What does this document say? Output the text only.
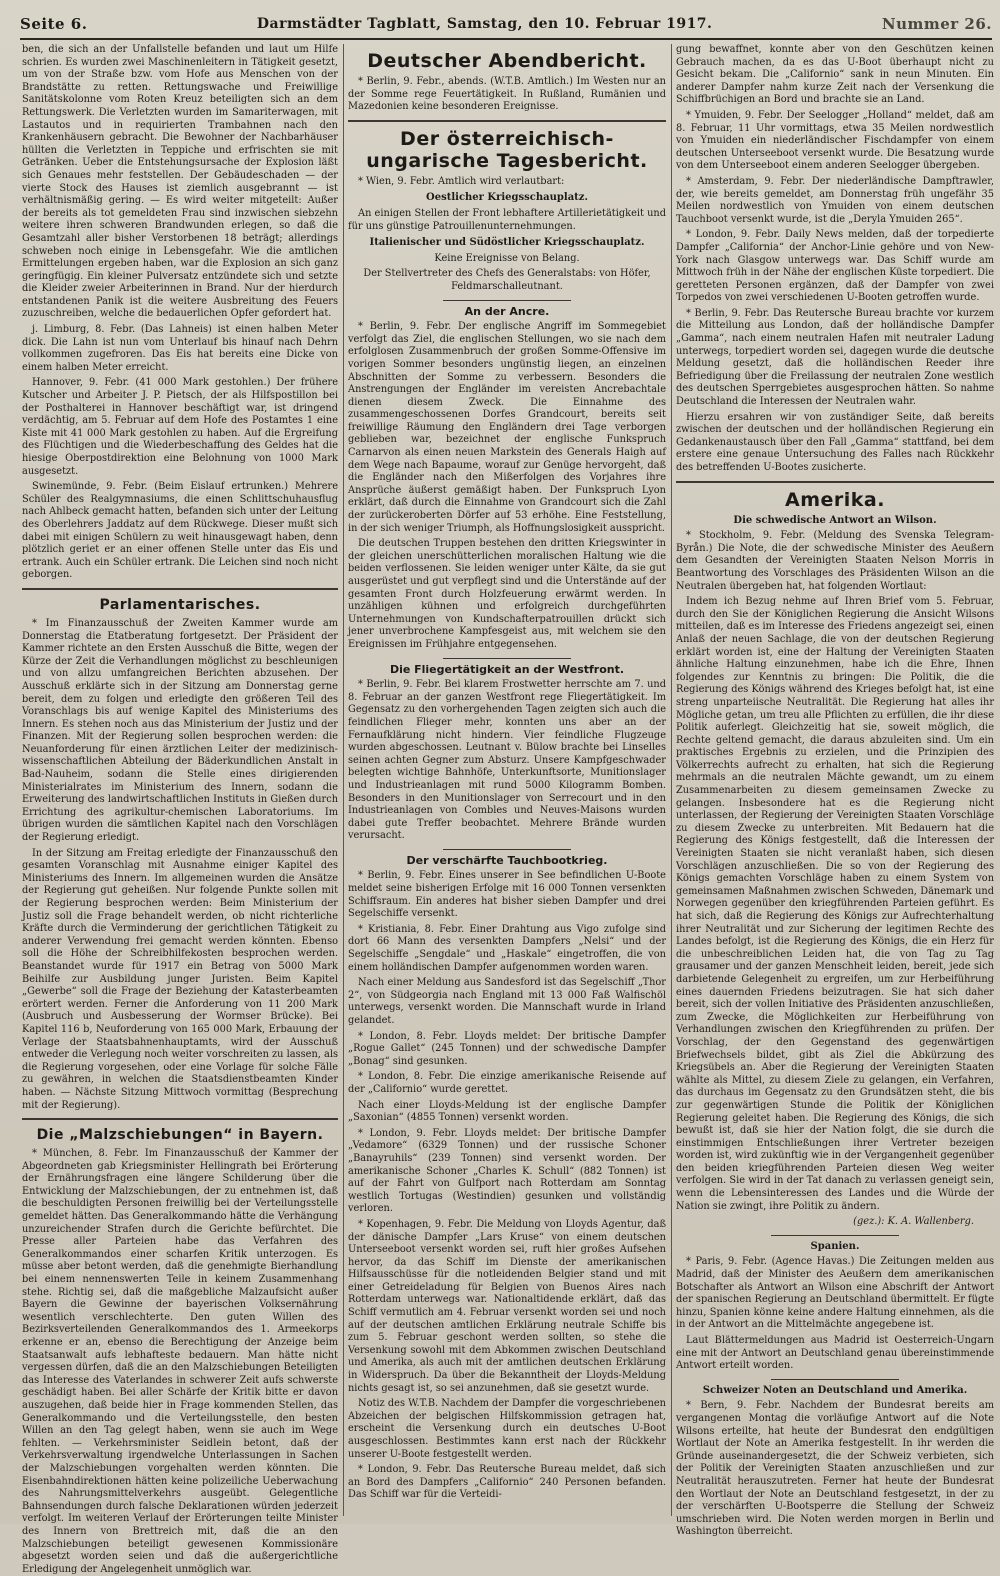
Seite 6.	Darmstädter Tagblatt, Samstag, den 10. Februar 1917.	Nummer 26.

ben, die sich an der Unfallstelle befanden und laut um Hilfe schrien. Es wurden zwei Maschinenleitern in Tätigkeit gesetzt, um von der Straße bzw. vom Hofe aus Menschen von der Brandstätte zu retten. Rettungswache und Freiwillige Sanitätskolonne vom Roten Kreuz beteiligten sich an dem Rettungswerk. Die Verletzten wurden im Samariterwagen, mit Lastautos und in requirierten Trambahnen nach den Krankenhäusern gebracht. Die Bewohner der Nachbarhäuser hüllten die Verletzten in Teppiche und erfrischten sie mit Getränken. Ueber die Entstehungsursache der Explosion läßt sich Genaues mehr feststellen. Der Gebäudeschaden — der vierte Stock des Hauses ist ziemlich ausgebrannt — ist verhältnismäßig gering. — Es wird weiter mitgeteilt: Außer der bereits als tot gemeldeten Frau sind inzwischen siebzehn weitere ihren schweren Brandwunden erlegen, so daß die Gesamtzahl aller bisher Verstorbenen 18 beträgt; allerdings schweben noch einige in Lebensgefahr. Wie die amtlichen Ermittelungen ergeben haben, war die Explosion an sich ganz geringfügig. Ein kleiner Pulversatz entzündete sich und setzte die Kleider zweier Arbeiterinnen in Brand. Nur der hierdurch entstandenen Panik ist die weitere Ausbreitung des Feuers zuzuschreiben, welche die bedauerlichen Opfer gefordert hat.

j. Limburg, 8. Febr. (Das Lahneis) ist einen halben Meter dick. Die Lahn ist nun vom Unterlauf bis hinauf nach Dehrn vollkommen zugefroren. Das Eis hat bereits eine Dicke von einem halben Meter erreicht.

Hannover, 9. Febr. (41 000 Mark gestohlen.) Der frühere Kutscher und Arbeiter J. P. Pietsch, der als Hilfspostillon bei der Posthalterei in Hannover beschäftigt war, ist dringend verdächtig, am 5. Februar auf dem Hofe des Postamtes 1 eine Kiste mit 41 000 Mark gestohlen zu haben. Auf die Ergreifung des Flüchtigen und die Wiederbeschaffung des Geldes hat die hiesige Oberpostdirektion eine Belohnung von 1000 Mark ausgesetzt.

Swinemünde, 9. Febr. (Beim Eislauf ertrunken.) Mehrere Schüler des Realgymnasiums, die einen Schlittschuhausflug nach Ahlbeck gemacht hatten, befanden sich unter der Leitung des Oberlehrers Jaddatz auf dem Rückwege. Dieser mußt sich dabei mit einigen Schülern zu weit hinausgewagt haben, denn plötzlich geriet er an einer offenen Stelle unter das Eis und ertrank. Auch ein Schüler ertrank. Die Leichen sind noch nicht geborgen.

Parlamentarisches.

* Im Finanzausschuß der Zweiten Kammer wurde am Donnerstag die Etatberatung fortgesetzt. Der Präsident der Kammer richtete an den Ersten Ausschuß die Bitte, wegen der Kürze der Zeit die Verhandlungen möglichst zu beschleunigen und von allzu umfangreichen Berichten abzusehen. Der Ausschuß erklärte sich in der Sitzung am Donnerstag gerne bereit, dem zu folgen und erledigte den größeren Teil des Voranschlags bis auf wenige Kapitel des Ministeriums des Innern. Es stehen noch aus das Ministerium der Justiz und der Finanzen. Mit der Regierung sollen besprochen werden: die Neuanforderung für einen ärztlichen Leiter der medizinisch-wissenschaftlichen Abteilung der Bäderkundlichen Anstalt in Bad-Nauheim, sodann die Stelle eines dirigierenden Ministerialrates im Ministerium des Innern, sodann die Erweiterung des landwirtschaftlichen Instituts in Gießen durch Errichtung des agrikultur-chemischen Laboratoriums. Im übrigen wurden die sämtlichen Kapitel nach den Vorschlägen der Regierung erledigt.

In der Sitzung am Freitag erledigte der Finanzausschuß den gesamten Voranschlag mit Ausnahme einiger Kapitel des Ministeriums des Innern. Im allgemeinen wurden die Ansätze der Regierung gut geheißen. Nur folgende Punkte sollen mit der Regierung besprochen werden: Beim Ministerium der Justiz soll die Frage behandelt werden, ob nicht richterliche Kräfte durch die Verminderung der gerichtlichen Tätigkeit zu anderer Verwendung frei gemacht werden könnten. Ebenso soll die Höhe der Schreibhilfekosten besprochen werden. Beanstandet wurde für 1917 ein Betrag von 5000 Mark Beihilfe zur Ausbildung junger Juristen. Beim Kapitel „Gewerbe“ soll die Frage der Beziehung der Katasterbeamten erörtert werden. Ferner die Anforderung von 11 200 Mark (Ausbruch und Ausbesserung der Wormser Brücke). Bei Kapitel 116 b, Neuforderung von 165 000 Mark, Erbauung der Verlage der Staatsbahnenhauptamts, wird der Ausschuß entweder die Verlegung noch weiter vorschreiten zu lassen, als die Regierung vorgesehen, oder eine Vorlage für solche Fälle zu gewähren, in welchen die Staatsdienstbeamten Kinder haben. — Nächste Sitzung Mittwoch vormittag (Besprechung mit der Regierung).

Die „Malzschiebungen“ in Bayern.

* München, 8. Febr. Im Finanzausschuß der Kammer der Abgeordneten gab Kriegsminister Hellingrath bei Erörterung der Ernährungsfragen eine längere Schilderung über die Entwicklung der Malzschiebungen, der zu entnehmen ist, daß die beschuldigten Personen freiwillig bei der Verteilungsstelle gemeldet hätten. Das Generalkommando hätte die Verhängung unzureichender Strafen durch die Gerichte befürchtet. Die Presse aller Parteien habe das Verfahren des Generalkommandos einer scharfen Kritik unterzogen. Es müsse aber betont werden, daß die genehmigte Bierhandlung bei einem nennenswerten Teile in keinem Zusammenhang stehe. Richtig sei, daß die maßgebliche Malzaufsicht außer Bayern die Gewinne der bayerischen Volksernährung wesentlich verschlechterte. Den guten Willen des Bezirksverteilenden Generalkommandos des 1. Armeekorps erkenne er an, ebenso die Berechtigung der Anzeige beim Staatsanwalt aufs lebhafteste bedauern. Man hätte nicht vergessen dürfen, daß die an den Malzschiebungen Beteiligten das Interesse des Vaterlandes in schwerer Zeit aufs schwerste geschädigt haben. Bei aller Schärfe der Kritik bitte er davon auszugehen, daß beide hier in Frage kommenden Stellen, das Generalkommando und die Verteilungsstelle, den besten Willen an den Tag gelegt haben, wenn sie auch im Wege fehlten. — Verkehrsminister Seidlein betont, daß der Verkehrsverwaltung irgendwelche Unterlassungen in Sachen der Malzschiebungen vorgehalten werden könnten. Die Eisenbahndirektionen hätten keine polizeiliche Ueberwachung des Nahrungsmittelverkehrs ausgeübt. Gelegentliche Bahnsendungen durch falsche Deklarationen würden jederzeit verfolgt. Im weiteren Verlauf der Erörterungen teilte Minister des Innern von Brettreich mit, daß die an den Malzschiebungen beteiligt gewesenen Kommissionäre abgesetzt worden seien und daß die außergerichtliche Erledigung der Angelegenheit unmöglich war.

Deutscher Abendbericht.

* Berlin, 9. Febr., abends. (W.T.B. Amtlich.) Im Westen nur an der Somme rege Feuertätigkeit. In Rußland, Rumänien und Mazedonien keine besonderen Ereignisse.

Der österreichisch-ungarische Tagesbericht.

* Wien, 9. Febr. Amtlich wird verlautbart:

Oestlicher Kriegsschauplatz.

An einigen Stellen der Front lebhaftere Artillerietätigkeit und für uns günstige Patrouillenunternehmungen.

Italienischer und Südöstlicher Kriegsschauplatz.

Keine Ereignisse von Belang.

Der Stellvertreter des Chefs des Generalstabs: von Höfer, Feldmarschalleutnant.

An der Ancre.

* Berlin, 9. Febr. Der englische Angriff im Sommegebiet verfolgt das Ziel, die englischen Stellungen, wo sie nach dem erfolglosen Zusammenbruch der großen Somme-Offensive im vorigen Sommer besonders ungünstig liegen, an einzelnen Abschnitten der Somme zu verbessern. Besonders die Anstrengungen der Engländer im vereisten Ancrebachtale dienen diesem Zweck. Die Einnahme des zusammengeschossenen Dorfes Grandcourt, bereits seit freiwillige Räumung den Engländern drei Tage verborgen geblieben war, bezeichnet der englische Funkspruch Carnarvon als einen neuen Markstein des Generals Haigh auf dem Wege nach Bapaume, worauf zur Genüge hervorgeht, daß die Engländer nach den Mißerfolgen des Vorjahres ihre Ansprüche äußerst gemäßigt haben. Der Funkspruch Lyon erklärt, daß durch die Einnahme von Grandcourt sich die Zahl der zurückeroberten Dörfer auf 53 erhöhe. Eine Feststellung, in der sich weniger Triumph, als Hoffnungslosigkeit ausspricht.

Die deutschen Truppen bestehen den dritten Kriegswinter in der gleichen unerschütterlichen moralischen Haltung wie die beiden verflossenen. Sie leiden weniger unter Kälte, da sie gut ausgerüstet und gut verpflegt sind und die Unterstände auf der gesamten Front durch Holzfeuerung erwärmt werden. In unzähligen kühnen und erfolgreich durchgeführten Unternehmungen von Kundschafterpatrouillen drückt sich jener unverbrochene Kampfesgeist aus, mit welchem sie den Ereignissen im Frühjahre entgegensehen.

Die Fliegertätigkeit an der Westfront.

* Berlin, 9. Febr. Bei klarem Frostwetter herrschte am 7. und 8. Februar an der ganzen Westfront rege Fliegertätigkeit. Im Gegensatz zu den vorhergehenden Tagen zeigten sich auch die feindlichen Flieger mehr, konnten uns aber an der Fernaufklärung nicht hindern. Vier feindliche Flugzeuge wurden abgeschossen. Leutnant v. Bülow brachte bei Linselles seinen achten Gegner zum Absturz. Unsere Kampfgeschwader belegten wichtige Bahnhöfe, Unterkunftsorte, Munitionslager und Industrieanlagen mit rund 5000 Kilogramm Bomben. Besonders in den Munitionslager von Serrecourt und in den Industrieanlagen von Combles und Neuves-Maisons wurden dabei gute Treffer beobachtet. Mehrere Brände wurden verursacht.

Der verschärfte Tauchbootkrieg.

* Berlin, 9. Febr. Eines unserer in See befindlichen U-Boote meldet seine bisherigen Erfolge mit 16 000 Tonnen versenkten Schiffsraum. Ein anderes hat bisher sieben Dampfer und drei Segelschiffe versenkt.

* Kristiania, 8. Febr. Einer Drahtung aus Vigo zufolge sind dort 66 Mann des versenkten Dampfers „Nelsi“ und der Segelschiffe „Sengdale“ und „Haskale“ eingetroffen, die von einem holländischen Dampfer aufgenommen worden waren.

Nach einer Meldung aus Sandesford ist das Segelschiff „Thor 2“, von Südgeorgia nach England mit 13 000 Faß Walfischöl unterwegs, versenkt worden. Die Mannschaft wurde in Irland gelandet.

* London, 8. Febr. Lloyds meldet: Der britische Dampfer „Rogue Gallet“ (245 Tonnen) und der schwedische Dampfer „Bonag“ sind gesunken.

* London, 8. Febr. Die einzige amerikanische Reisende auf der „Californio“ wurde gerettet.

Nach einer Lloyds-Meldung ist der englische Dampfer „Saxonian“ (4855 Tonnen) versenkt worden.

* London, 9. Febr. Lloyds meldet: Der britische Dampfer „Vedamore“ (6329 Tonnen) und der russische Schoner „Banayruhils“ (239 Tonnen) sind versenkt worden. Der amerikanische Schoner „Charles K. Schull“ (882 Tonnen) ist auf der Fahrt von Gulfport nach Rotterdam am Sonntag westlich Tortugas (Westindien) gesunken und vollständig verloren.

* Kopenhagen, 9. Febr. Die Meldung von Lloyds Agentur, daß der dänische Dampfer „Lars Kruse“ von einem deutschen Unterseeboot versenkt worden sei, ruft hier großes Aufsehen hervor, da das Schiff im Dienste der amerikanischen Hilfsausschüsse für die notleidenden Belgier stand und mit einer Getreideladung für Belgien von Buenos Aires nach Rotterdam unterwegs war. Nationaltidende erklärt, daß das Schiff vermutlich am 4. Februar versenkt worden sei und noch auf der deutschen amtlichen Erklärung neutrale Schiffe bis zum 5. Februar geschont werden sollten, so stehe die Versenkung sowohl mit dem Abkommen zwischen Deutschland und Amerika, als auch mit der amtlichen deutschen Erklärung in Widerspruch. Da über die Bekanntheit der Lloyds-Meldung nichts gesagt ist, so sei anzunehmen, daß sie gesetzt wurde.

Notiz des W.T.B. Nachdem der Dampfer die vorgeschriebenen Abzeichen der belgischen Hilfskommission getragen hat, erscheint die Versenkung durch ein deutsches U-Boot ausgeschlossen. Bestimmtes kann erst nach der Rückkehr unserer U-Boote festgestellt werden.

* London, 9. Febr. Das Reutersche Bureau meldet, daß sich an Bord des Dampfers „Californio“ 240 Personen befanden. Das Schiff war für die Verteidi-

gung bewaffnet, konnte aber von den Geschützen keinen Gebrauch machen, da es das U-Boot überhaupt nicht zu Gesicht bekam. Die „Californio“ sank in neun Minuten. Ein anderer Dampfer nahm kurze Zeit nach der Versenkung die Schiffbrüchigen an Bord und brachte sie an Land.

* Ymuiden, 9. Febr. Der Seelogger „Holland“ meldet, daß am 8. Februar, 11 Uhr vormittags, etwa 35 Meilen nordwestlich von Ymuiden ein niederländischer Fischdampfer von einem deutschen Unterseeboot versenkt wurde. Die Besatzung wurde von dem Unterseeboot einem anderen Seelogger übergeben.

* Amsterdam, 9. Febr. Der niederländische Dampftrawler, der, wie bereits gemeldet, am Donnerstag früh ungefähr 35 Meilen nordwestlich von Ymuiden von einem deutschen Tauchboot versenkt wurde, ist die „Deryla Ymuiden 265“.

* London, 9. Febr. Daily News melden, daß der torpedierte Dampfer „California“ der Anchor-Linie gehöre und von New-York nach Glasgow unterwegs war. Das Schiff wurde am Mittwoch früh in der Nähe der englischen Küste torpediert. Die geretteten Personen ergänzen, daß der Dampfer von zwei Torpedos von zwei verschiedenen U-Booten getroffen wurde.

* Berlin, 9. Febr. Das Reutersche Bureau brachte vor kurzem die Mitteilung aus London, daß der holländische Dampfer „Gamma“, nach einem neutralen Hafen mit neutraler Ladung unterwegs, torpediert worden sei, dagegen wurde die deutsche Meldung gesetzt, daß die holländischen Reeder ihre Befriedigung über die Freilassung der neutralen Zone westlich des deutschen Sperrgebietes ausgesprochen hätten. So nahme Deutschland die Interessen der Neutralen wahr.

Hierzu ersahren wir von zuständiger Seite, daß bereits zwischen der deutschen und der holländischen Regierung ein Gedankenaustausch über den Fall „Gamma“ stattfand, bei dem erstere eine genaue Untersuchung des Falles nach Rückkehr des betreffenden U-Bootes zusicherte.

Amerika.
Die schwedische Antwort an Wilson.

* Stockholm, 9. Febr. (Meldung des Svenska Telegram-Byrån.) Die Note, die der schwedische Minister des Aeußern dem Gesandten der Vereinigten Staaten Nelson Morris in Beantwortung des Vorschlages des Präsidenten Wilson an die Neutralen übergeben hat, hat folgenden Wortlaut:

Indem ich Bezug nehme auf Ihren Brief vom 5. Februar, durch den Sie der Königlichen Regierung die Ansicht Wilsons mitteilen, daß es im Interesse des Friedens angezeigt sei, einen Anlaß der neuen Sachlage, die von der deutschen Regierung erklärt worden ist, eine der Haltung der Vereinigten Staaten ähnliche Haltung einzunehmen, habe ich die Ehre, Ihnen folgendes zur Kenntnis zu bringen: Die Politik, die die Regierung des Königs während des Krieges befolgt hat, ist eine streng unparteiische Neutralität. Die Regierung hat alles ihr Mögliche getan, um treu alle Pflichten zu erfüllen, die ihr diese Politik auferlegt. Gleichzeitig hat sie, soweit möglich, die Rechte geltend gemacht, die daraus abzuleiten sind. Um ein praktisches Ergebnis zu erzielen, und die Prinzipien des Völkerrechts aufrecht zu erhalten, hat sich die Regierung mehrmals an die neutralen Mächte gewandt, um zu einem Zusammenarbeiten zu diesem gemeinsamen Zwecke zu gelangen. Insbesondere hat es die Regierung nicht unterlassen, der Regierung der Vereinigten Staaten Vorschläge zu diesem Zwecke zu unterbreiten. Mit Bedauern hat die Regierung des Königs festgestellt, daß die Interessen der Vereinigten Staaten sie nicht veranlaßt haben, sich diesen Vorschlägen anzuschließen. Die so von der Regierung des Königs gemachten Vorschläge haben zu einem System von gemeinsamen Maßnahmen zwischen Schweden, Dänemark und Norwegen gegenüber den kriegführenden Parteien geführt. Es hat sich, daß die Regierung des Königs zur Aufrechterhaltung ihrer Neutralität und zur Sicherung der legitimen Rechte des Landes befolgt, ist die Regierung des Königs, die ein Herz für die unbeschreiblichen Leiden hat, die von Tag zu Tag grausamer und der ganzen Menschheit leiden, bereit, jede sich darbietende Gelegenheit zu ergreifen, um zur Herbeiführung eines dauernden Friedens beizutragen. Sie hat sich daher bereit, sich der vollen Initiative des Präsidenten anzuschließen, zum Zwecke, die Möglichkeiten zur Herbeiführung von Verhandlungen zwischen den Kriegführenden zu prüfen. Der Vorschlag, der den Gegenstand des gegenwärtigen Briefwechsels bildet, gibt als Ziel die Abkürzung des Kriegsübels an. Aber die Regierung der Vereinigten Staaten wählte als Mittel, zu diesem Ziele zu gelangen, ein Verfahren, das durchaus im Gegensatz zu den Grundsätzen steht, die bis zur gegenwärtigen Stunde die Politik der Königlichen Regierung geleitet haben. Die Regierung des Königs, die sich bewußt ist, daß sie hier der Nation folgt, die sie durch die einstimmigen Entschließungen ihrer Vertreter bezeigen worden ist, wird zukünftig wie in der Vergangenheit gegenüber den beiden kriegführenden Parteien diesen Weg weiter verfolgen. Sie wird in der Tat danach zu verlassen geneigt sein, wenn die Lebensinteressen des Landes und die Würde der Nation sie zwingt, ihre Politik zu ändern.

(gez.): K. A. Wallenberg.

Spanien.

* Paris, 9. Febr. (Agence Havas.) Die Zeitungen melden aus Madrid, daß der Minister des Aeußern dem amerikanischen Botschafter als Antwort an Wilson eine Abschrift der Antwort der spanischen Regierung an Deutschland übermittelt. Er fügte hinzu, Spanien könne keine andere Haltung einnehmen, als die in der Antwort an die Mittelmächte angegebene ist.

Laut Blättermeldungen aus Madrid ist Oesterreich-Ungarn eine mit der Antwort an Deutschland genau übereinstimmende Antwort erteilt worden.

Schweizer Noten an Deutschland und Amerika.

* Bern, 9. Febr. Nachdem der Bundesrat bereits am vergangenen Montag die vorläufige Antwort auf die Note Wilsons erteilte, hat heute der Bundesrat den endgültigen Wortlaut der Note an Amerika festgestellt. In ihr werden die Gründe auseinandergesetzt, die der Schweiz verbieten, sich der Politik der Vereinigten Staaten anzuschließen und zur Neutralität herauszutreten. Ferner hat heute der Bundesrat den Wortlaut der Note an Deutschland festgesetzt, in der zu der verschärften U-Bootsperre die Stellung der Schweiz umschrieben wird. Die Noten werden morgen in Berlin und Washington überreicht.
